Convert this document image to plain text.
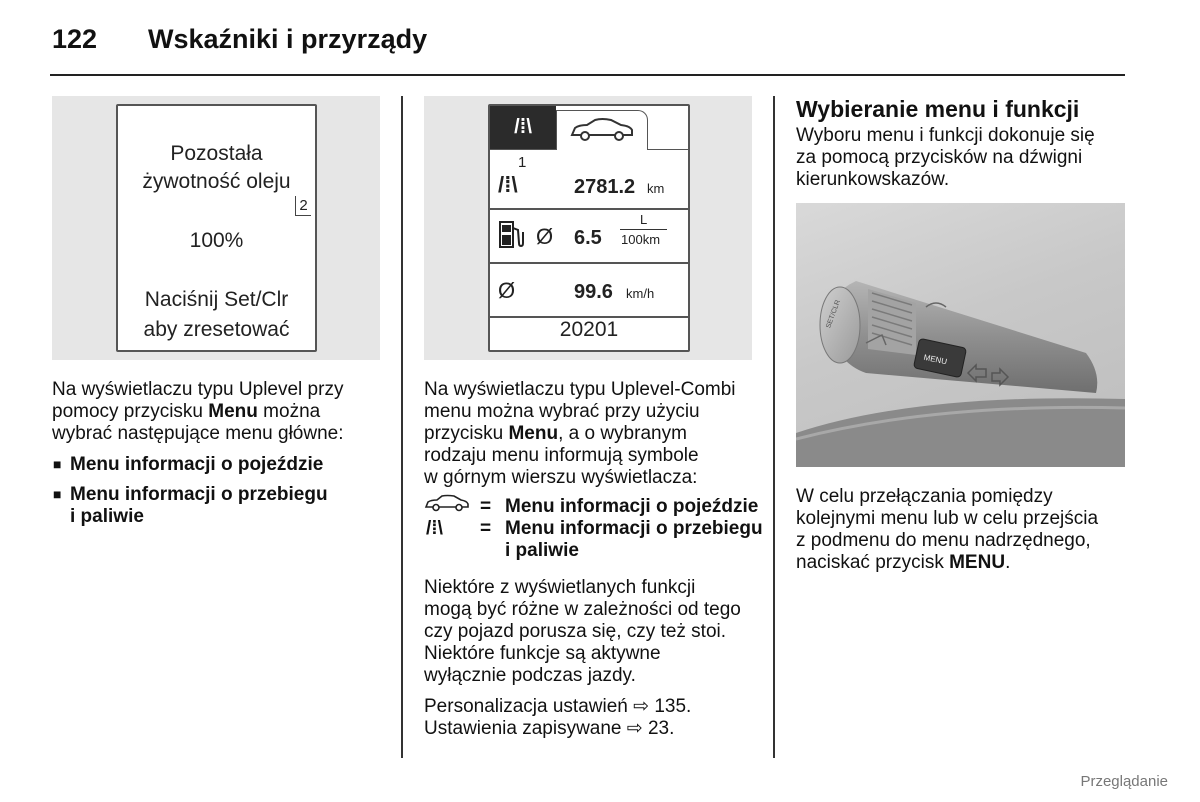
122 Wskaźniki i przyrządy
Pozostała
żywotność oleju
2
100%
Naciśnij Set/Clr
aby zresetować
/⁞\
1
/⁞\	2781.2 km
Ø 6.5
L
100km
Ø	99.6 km/h
20201
MENU
SET/CLR
Na wyświetlaczu typu Uplevel przy
pomocy przycisku Menu można
wybrać następujące menu główne:
■ Menu informacji o pojeździe
■ Menu informacji o przebiegu
i paliwie
Na wyświetlaczu typu Uplevel-Combi
menu można wybrać przy użyciu
przycisku Menu, a o wybranym
rodzaju menu informują symbole
w górnym wierszu wyświetlacza:
= Menu informacji o pojeździe
/⁞\ = Menu informacji o przebiegu
i paliwie
Niektóre z wyświetlanych funkcji
mogą być różne w zależności od tego
czy pojazd porusza się, czy też stoi.
Niektóre funkcje są aktywne
wyłącznie podczas jazdy.
Personalizacja ustawień ⇨ 135.
Ustawienia zapisywane ⇨ 23.
Wybieranie menu i funkcji
Wyboru menu i funkcji dokonuje się
za pomocą przycisków na dźwigni
kierunkowskazów.
W celu przełączania pomiędzy
kolejnymi menu lub w celu przejścia
z podmenu do menu nadrzędnego,
naciskać przycisk MENU.
Przeglądanie
